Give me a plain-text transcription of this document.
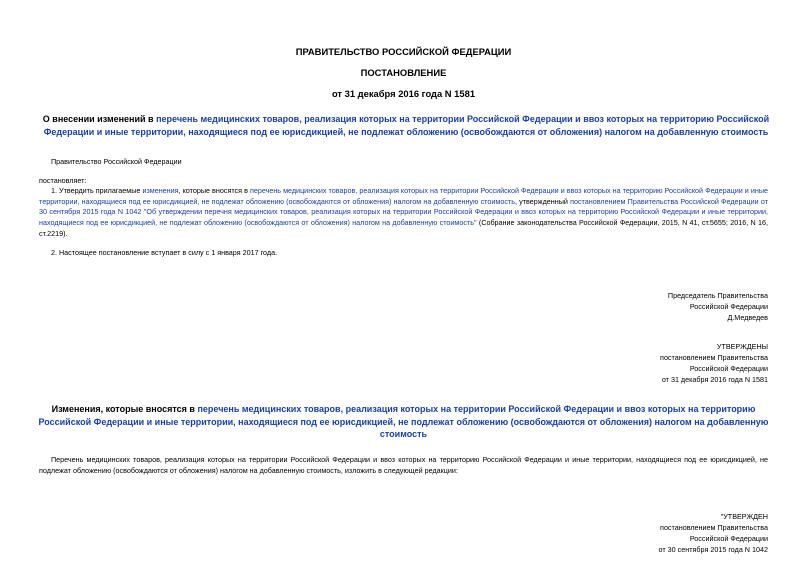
ПРАВИТЕЛЬСТВО РОССИЙСКОЙ ФЕДЕРАЦИИ
ПОСТАНОВЛЕНИЕ
от 31 декабря 2016 года N 1581
О внесении изменений в перечень медицинских товаров, реализация которых на территории Российской Федерации и ввоз которых на территорию Российской
Федерации и иные территории, находящиеся под ее юрисдикцией, не подлежат обложению (освобождаются от обложения) налогом на добавленную стоимость
Правительство Российской Федерации
постановляет:
1. Утвердить прилагаемые изменения, которые вносятся в перечень медицинских товаров, реализация которых на территории Российской Федерации и ввоз которых на территорию Российской Федерации и иные территории, находящиеся под ее юрисдикцией, не подлежат обложению (освобождаются от обложения) налогом на добавленную стоимость, утвержденный постановлением Правительства Российской Федерации от 30 сентября 2015 года N 1042 "Об утверждении перечня медицинских товаров, реализация которых на территории Российской Федерации и ввоз которых на территорию Российской Федерации и иные территории, находящиеся под ее юрисдикцией, не подлежат обложению (освобождаются от обложения) налогом на добавленную стоимость" (Собрание законодательства Российской Федерации, 2015, N 41, ст.5655; 2016, N 16, ст.2219).
2. Настоящее постановление вступает в силу с 1 января 2017 года.
Председатель Правительства
Российской Федерации
Д.Медведев
УТВЕРЖДЕНЫ
постановлением Правительства
Российской Федерации
от 31 декабря 2016 года N 1581
Изменения, которые вносятся в перечень медицинских товаров, реализация которых на территории Российской Федерации и ввоз которых на территорию
Российской Федерации и иные территории, находящиеся под ее юрисдикцией, не подлежат обложению (освобождаются от обложения) налогом на добавленную
стоимость
Перечень медицинских товаров, реализация которых на территории Российской Федерации и ввоз которых на территорию Российской Федерации и иные территории, находящиеся под ее юрисдикцией, не подлежат обложению (освобождаются от обложения) налогом на добавленную стоимость, изложить в следующей редакции:
"УТВЕРЖДЕН
постановлением Правительства
Российской Федерации
от 30 сентября 2015 года N 1042
